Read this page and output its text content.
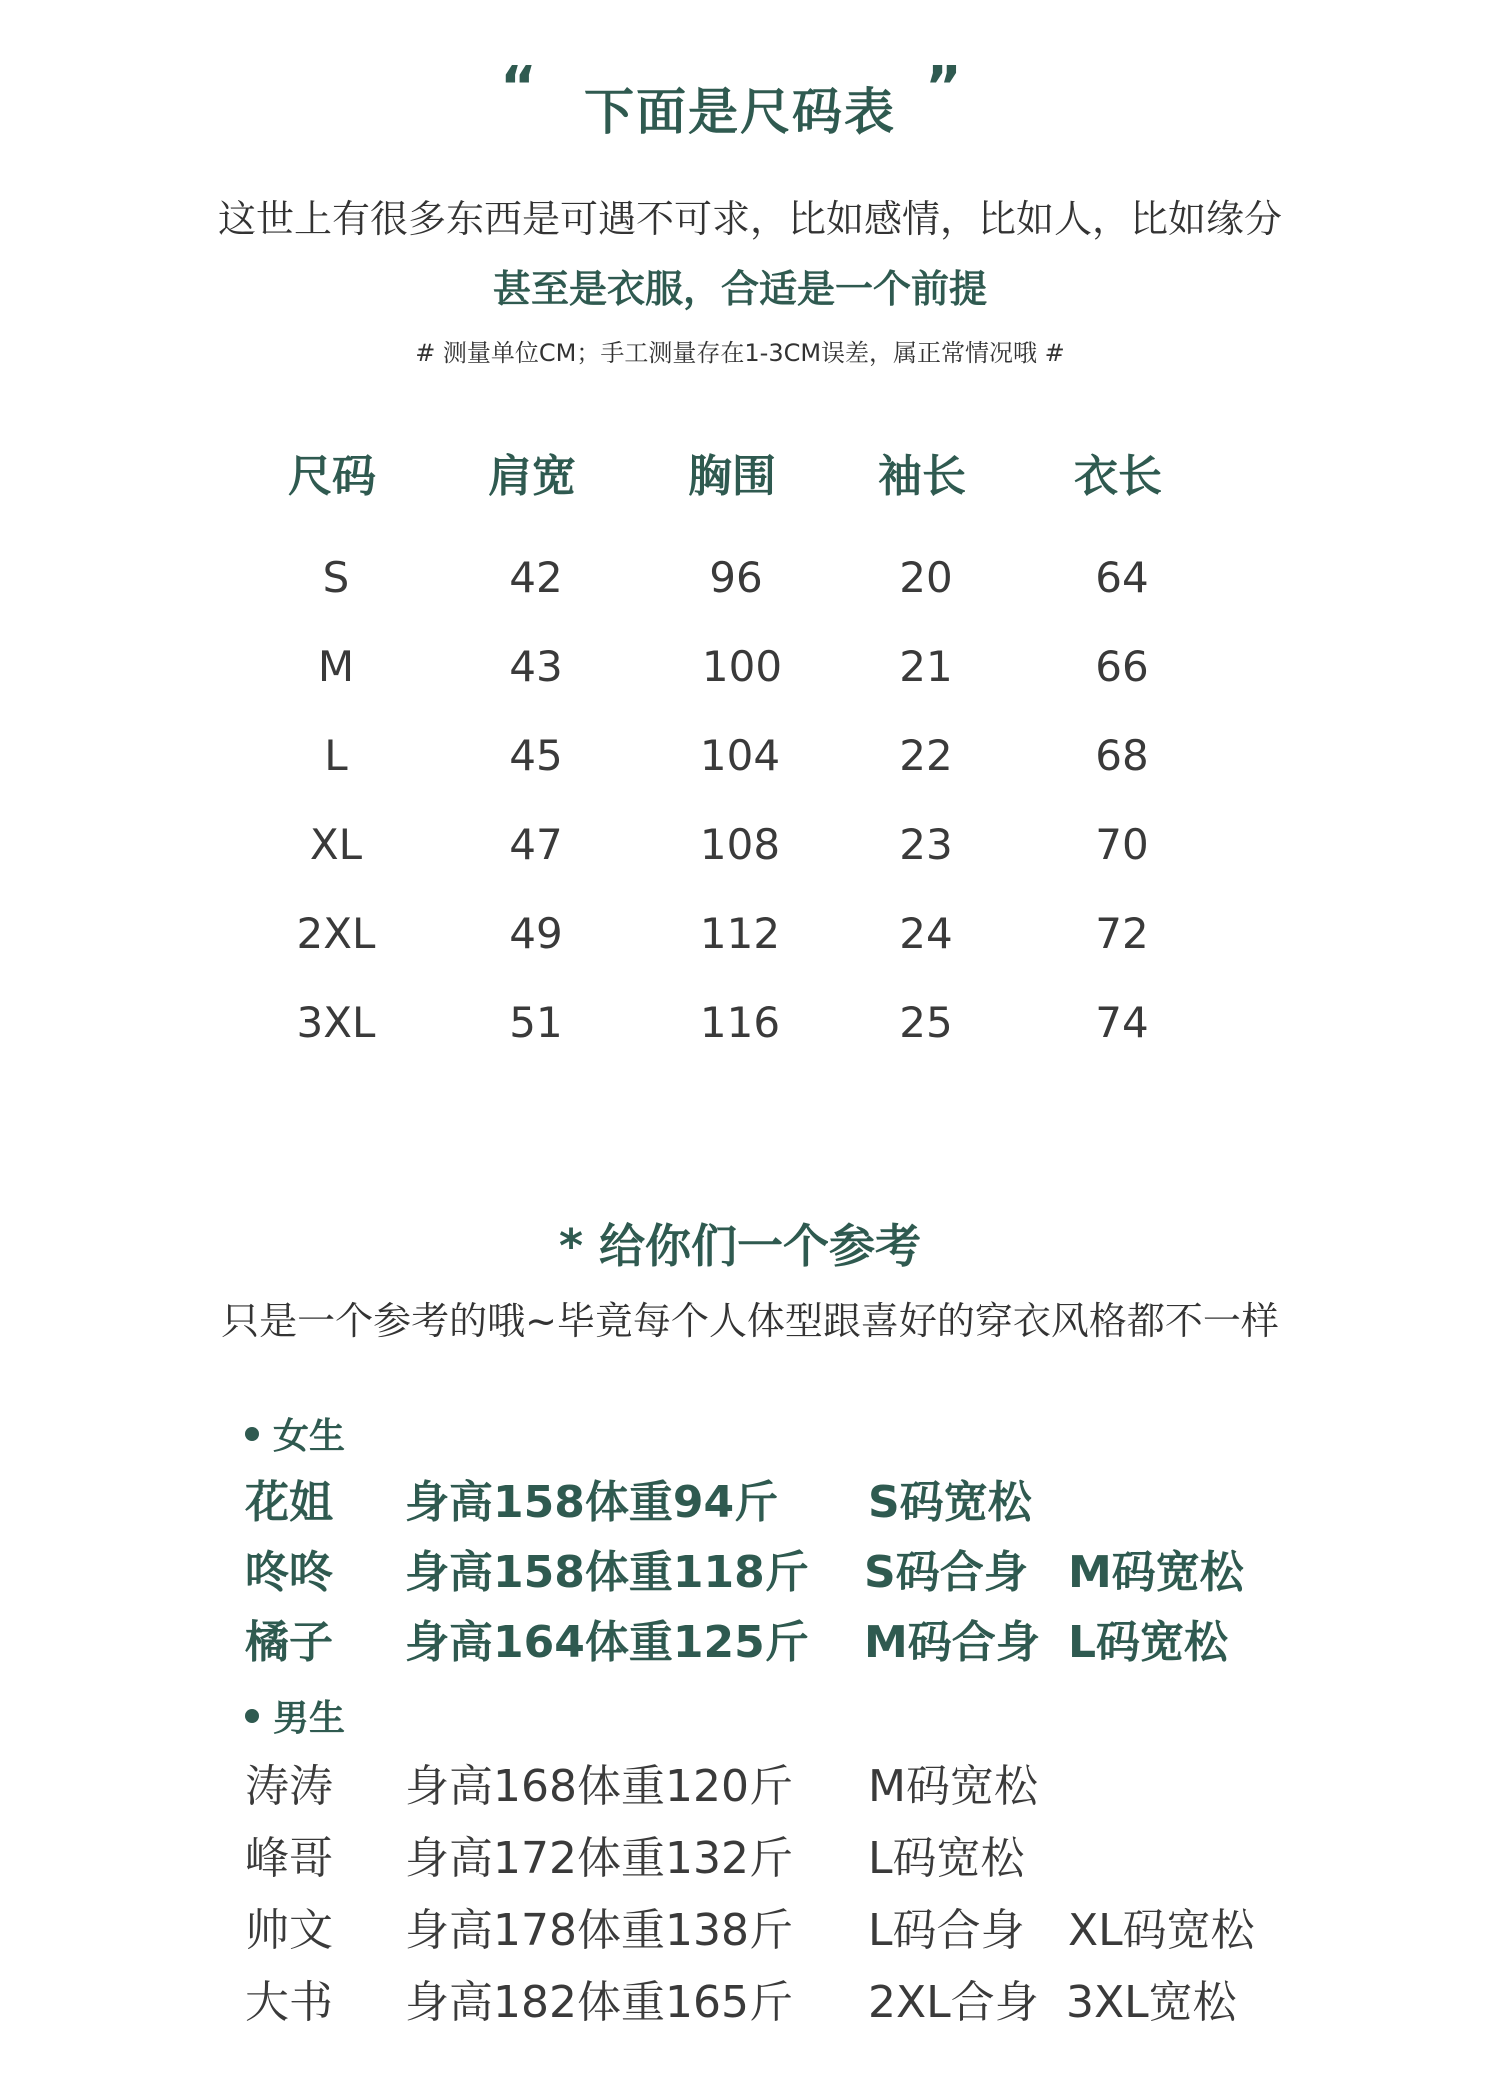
“ 下面是尺码表 ”
这世上有很多东西是可遇不可求，比如感情，比如人，比如缘分
甚至是衣服，合适是一个前提
# 测量单位CM；手工测量存在1-3CM误差，属正常情况哦 #
尺码	肩宽	胸围	袖长	衣长
S	42	96	20	64
M	43	100	21	66
L	45	104	22	68
XL	47	108	23	70
2XL	49	112	24	72
3XL	51	116	25	74
* 给你们一个参考
只是一个参考的哦~毕竟每个人体型跟喜好的穿衣风格都不一样
女生
花姐 身高158体重94斤 S码宽松
咚咚 身高158体重118斤 S码合身 M码宽松
橘子 身高164体重125斤 M码合身 L码宽松
男生
涛涛 身高168体重120斤 M码宽松
峰哥 身高172体重132斤 L码宽松
帅文 身高178体重138斤 L码合身 XL码宽松
大书 身高182体重165斤 2XL合身 3XL宽松
